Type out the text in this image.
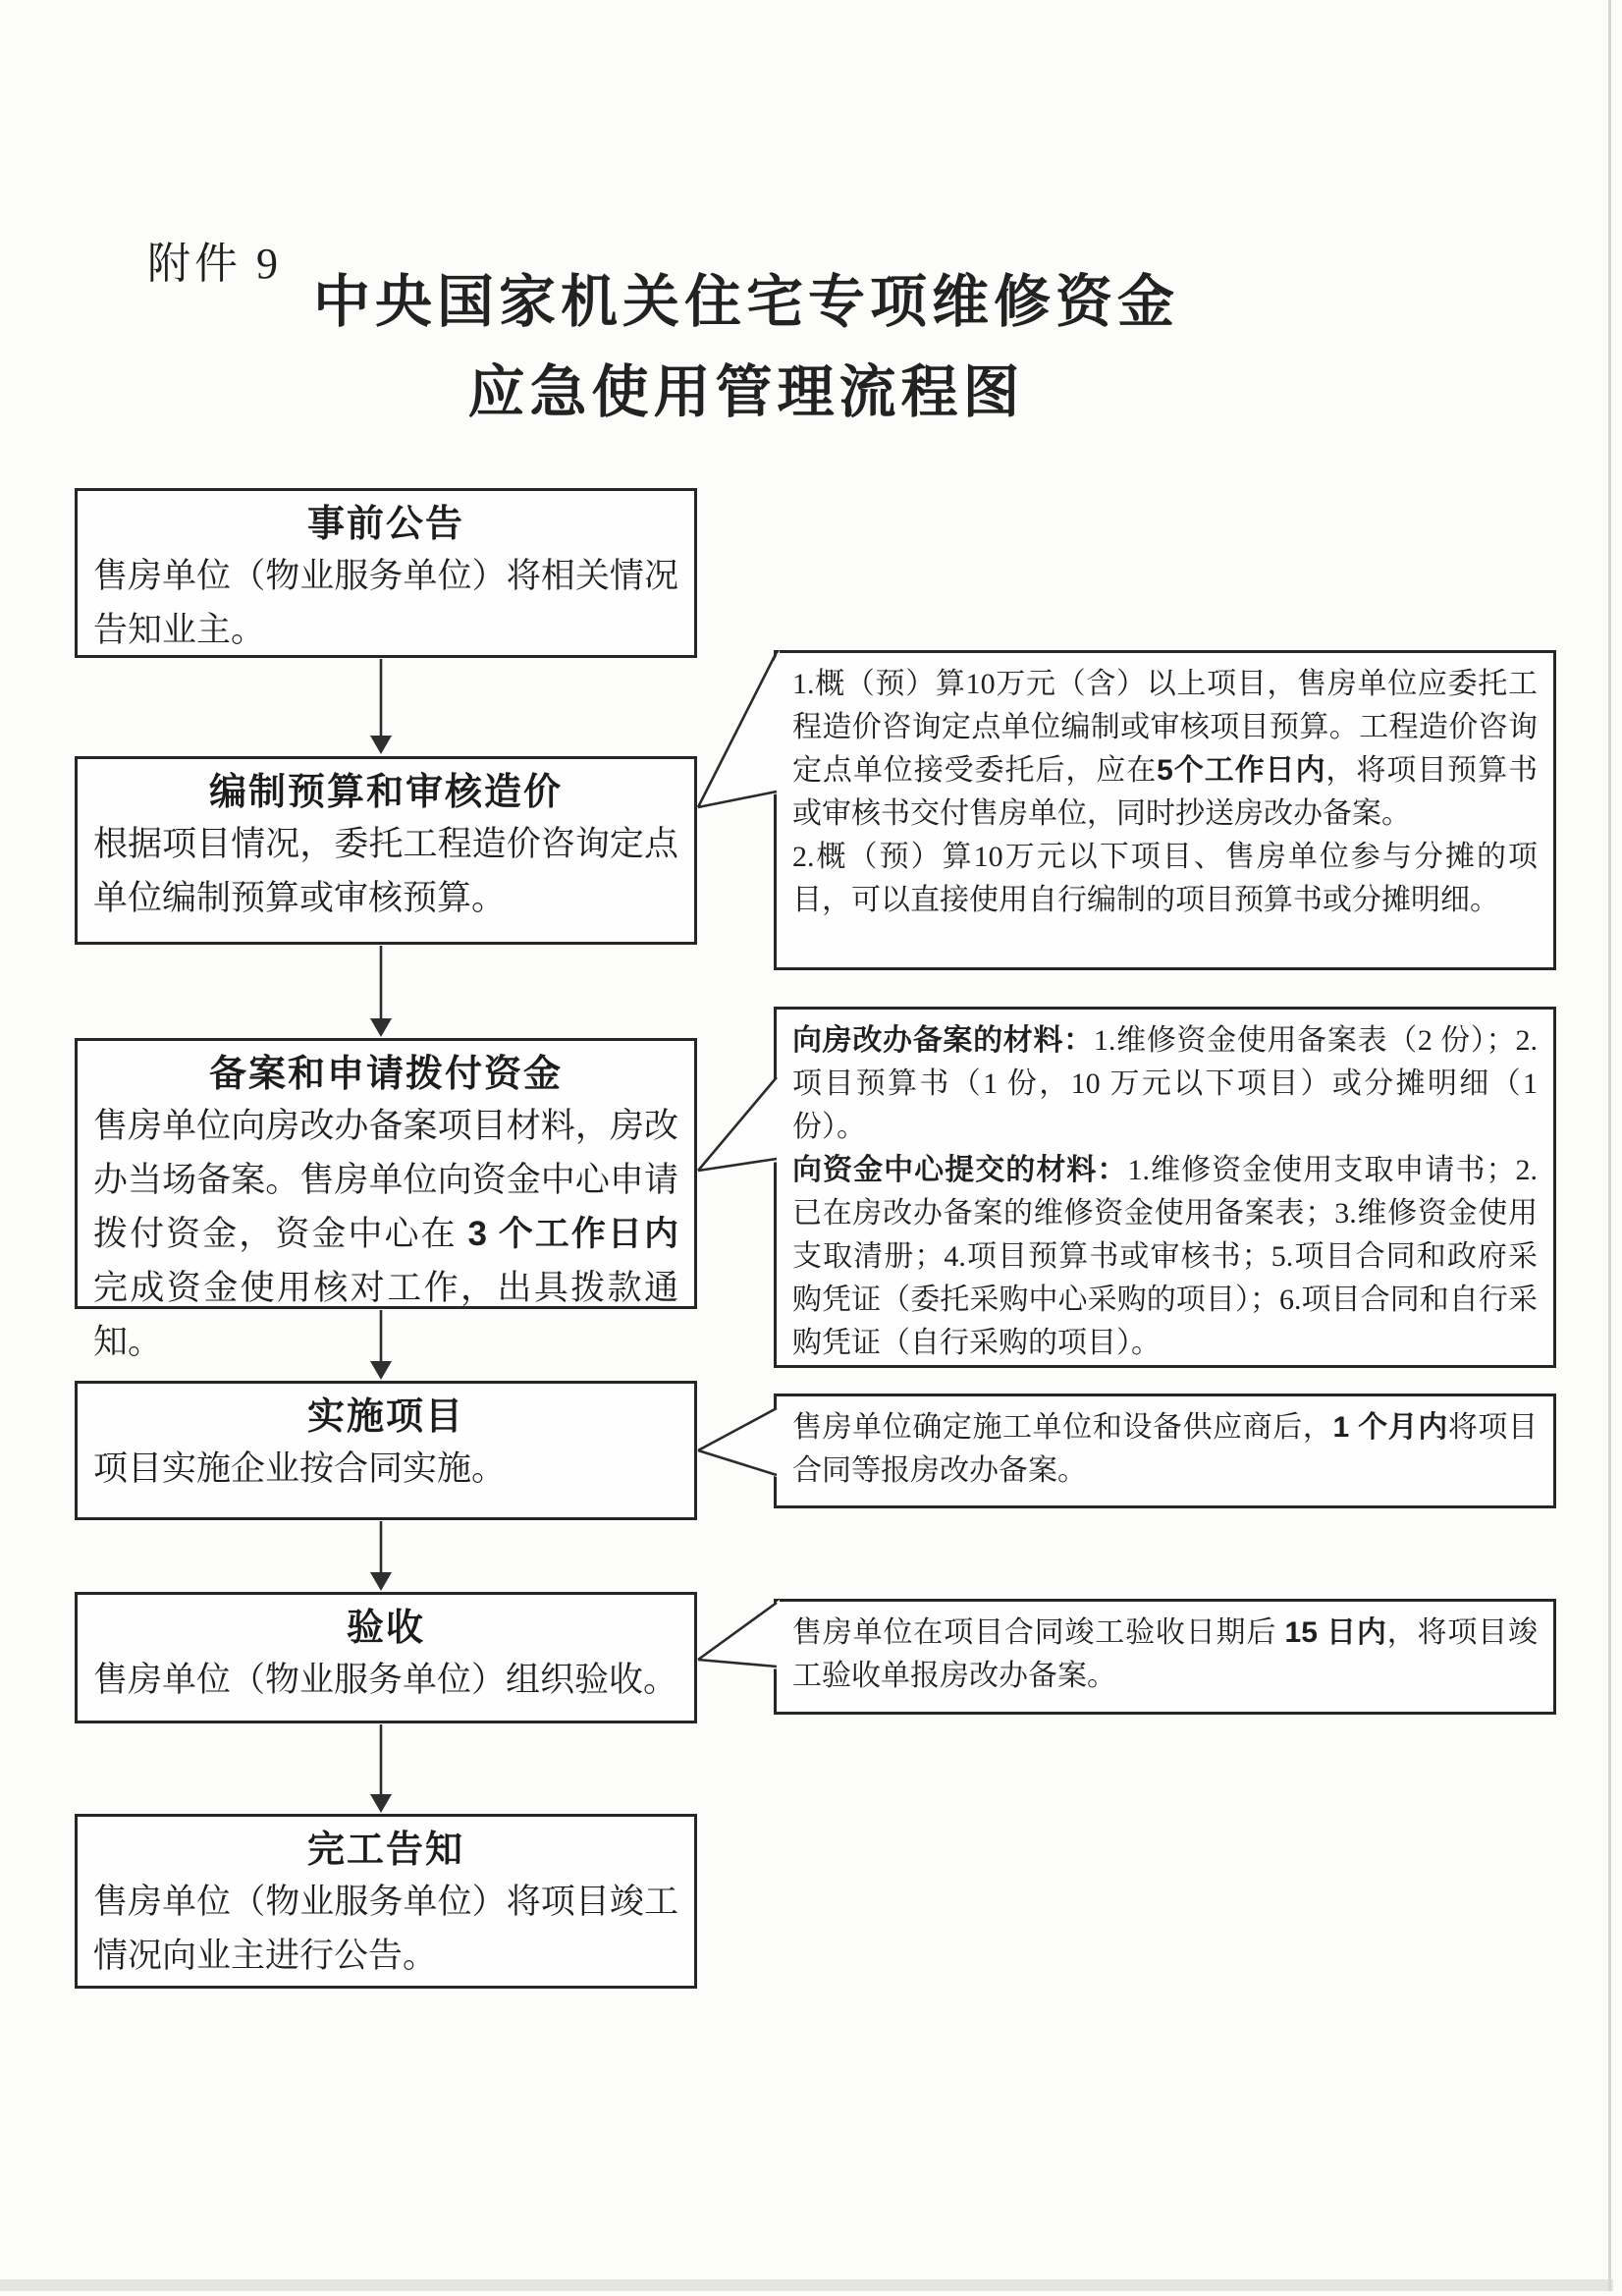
附件 9
中央国家机关住宅专项维修资金
应急使用管理流程图
事前公告
售房单位（物业服务单位）将相关情况告知业主。
编制预算和审核造价
根据项目情况，委托工程造价咨询定点单位编制预算或审核预算。
备案和申请拨付资金
售房单位向房改办备案项目材料，房改办当场备案。售房单位向资金中心申请拨付资金，资金中心在 3 个工作日内完成资金使用核对工作，出具拨款通知。
实施项目
项目实施企业按合同实施。
验收
售房单位（物业服务单位）组织验收。
完工告知
售房单位（物业服务单位）将项目竣工情况向业主进行公告。

1.概（预）算10万元（含）以上项目，售房单位应委托工程造价咨询定点单位编制或审核项目预算。工程造价咨询定点单位接受委托后，应在5个工作日内，将项目预算书或审核书交付售房单位，同时抄送房改办备案。

2.概（预）算10万元以下项目、售房单位参与分摊的项目，可以直接使用自行编制的项目预算书或分摊明细。

向房改办备案的材料：1.维修资金使用备案表（2 份）；2.项目预算书（1 份，10 万元以下项目）或分摊明细（1 份）。

向资金中心提交的材料：1.维修资金使用支取申请书；2.已在房改办备案的维修资金使用备案表；3.维修资金使用支取清册；4.项目预算书或审核书；5.项目合同和政府采购凭证（委托采购中心采购的项目）；6.项目合同和自行采购凭证（自行采购的项目）。

售房单位确定施工单位和设备供应商后，1 个月内将项目合同等报房改办备案。

售房单位在项目合同竣工验收日期后 15 日内，将项目竣工验收单报房改办备案。
